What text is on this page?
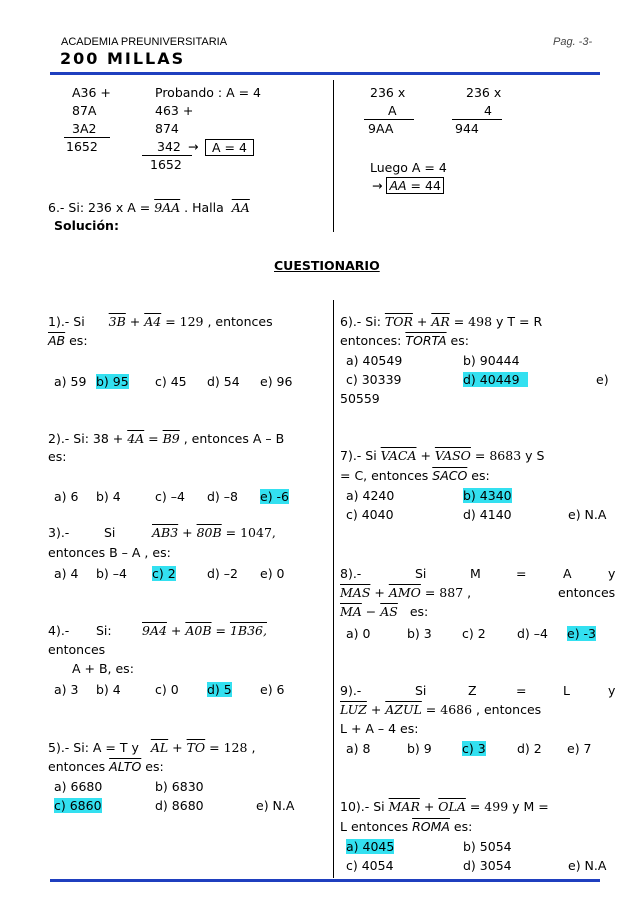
ACADEMIA PREUNIVERSITARIA	Pag. -3-
200 MILLAS
A36 +
87A
3A2
1652
Probando : A = 4
463 +
874
342 →	A = 4
1652
6.- Si: 236 x A = 9AA . Halla $\overline{AA}$
Solución:
236 x
A
9AA
236 x
4
944
Luego A = 4
→ $\overline{AA} = 44$
CUESTIONARIO
1).- Si 3B + A4 = 129 , entonces
$\overline{AB}$ es:
a) 59 b) 95 c) 45 d) 54 e) 96
2).- Si: 38 + 4A = B9 , entonces A – B
es:
a) 6 b) 4	c) –4 d) –8 e) -6
3).-	Si	AB3 + 80B = 1047,
entonces B – A , es:
a) 4 b) –4 c) 2	d) –2 e) 0
4).- Si: 9A4 + A0B = 1B36,
entonces
A + B, es:
a) 3 b) 4	c) 0 d) 5 e) 6
5).- Si: A = T y $\overline{AL} + \overline{TO} = 128$ ,
entonces ALTO es:
a) 6680	b) 6830
c) 6860	d) 8680	e) N.A
6).- Si: $\overline{TOR} + \overline{AR} = 498$ y T = R
entonces: TORTA es:
a) 40549	b) 90444
c) 30339	d) 40449	e)
50559
7).- Si VACA + VASO = 8683 y S
= C, entonces SACO es:
a) 4240	b) 4340
c) 4040	d) 4140	e) N.A
8).-	Si	M	=	A	y
$\overline{MAS} + \overline{AMO} = 887$ ,	entonces
$\overline{MA} - \overline{AS}$ es:
a) 0	b) 3 c) 2	d) –4 e) -3
9).-	Si	Z	=	L	y
$\overline{LUZ}$ + AZUL = 4686 , entonces
L + A – 4 es:
a) 8	b) 9 c) 3	d) 2 e) 7
10).- Si $\overline{MAR} + \overline{OLA} = 499$ y M =
L entonces ROMA es:
a) 4045	b) 5054
c) 4054	d) 3054	e) N.A
